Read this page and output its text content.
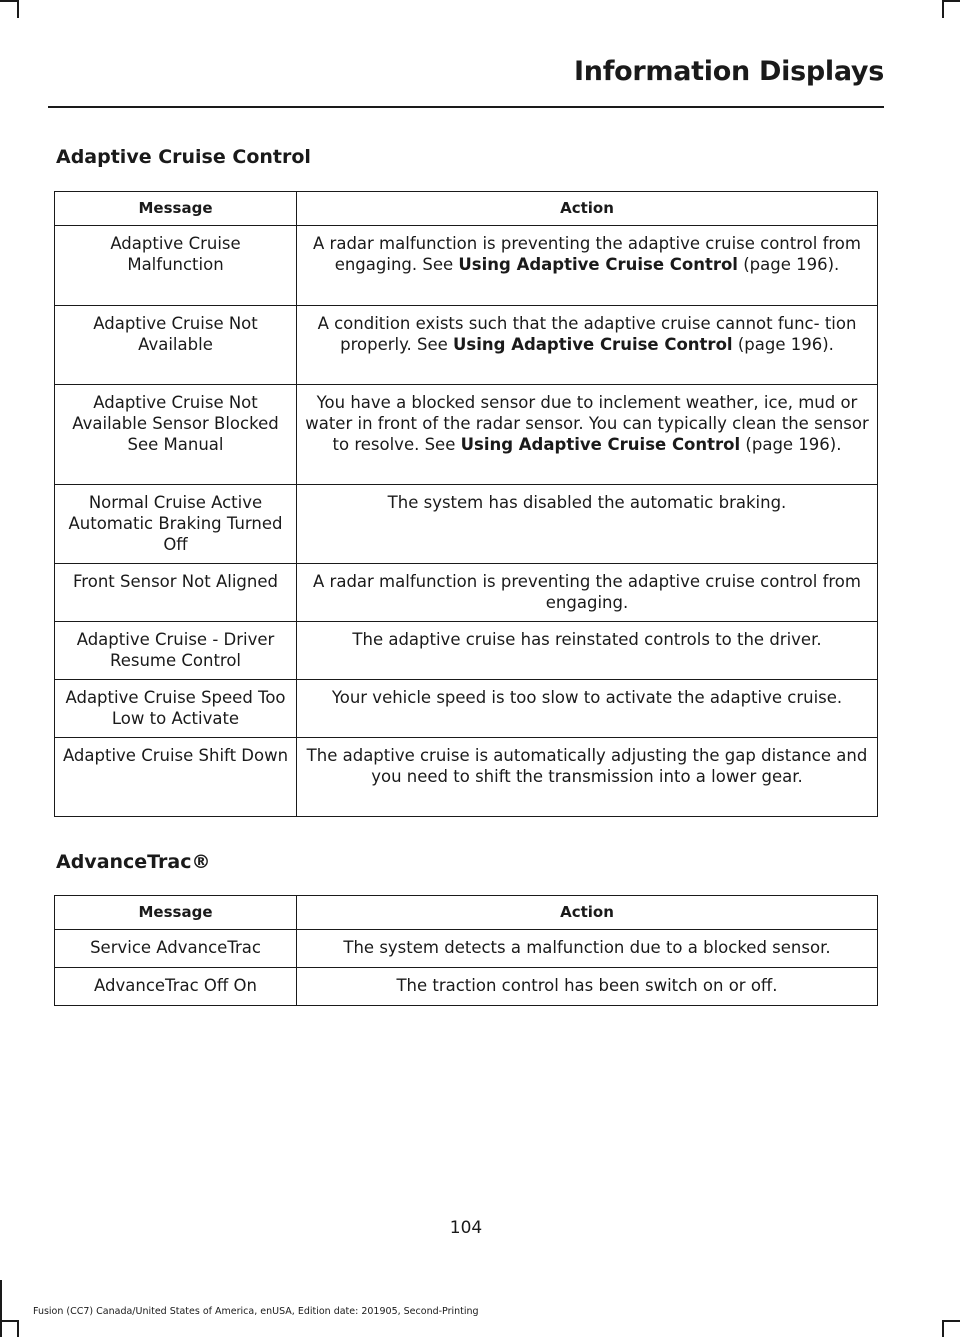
Information Displays
Adaptive Cruise Control
Message	Action
Adaptive Cruise Malfunction	A radar malfunction is preventing the adaptive cruise control from engaging. See Using Adaptive Cruise Control (page 196).
Adaptive Cruise Not Available	A condition exists such that the adaptive cruise cannot func- tion properly. See Using Adaptive Cruise Control (page 196).
Adaptive Cruise Not Available Sensor Blocked See Manual	You have a blocked sensor due to inclement weather, ice, mud or water in front of the radar sensor. You can typically clean the sensor to resolve. See Using Adaptive Cruise Control (page 196).
Normal Cruise Active Automatic Braking Turned Off	The system has disabled the automatic braking.
Front Sensor Not Aligned	A radar malfunction is preventing the adaptive cruise control from engaging.
Adaptive Cruise - Driver Resume Control	The adaptive cruise has reinstated controls to the driver.
Adaptive Cruise Speed Too Low to Activate	Your vehicle speed is too slow to activate the adaptive cruise.
Adaptive Cruise Shift Down	The adaptive cruise is automatically adjusting the gap distance and you need to shift the transmission into a lower gear.
AdvanceTrac®
Message	Action
Service AdvanceTrac	The system detects a malfunction due to a blocked sensor.
AdvanceTrac Off On	The traction control has been switch on or off.
104
Fusion (CC7) Canada/United States of America, enUSA, Edition date: 201905, Second-Printing
